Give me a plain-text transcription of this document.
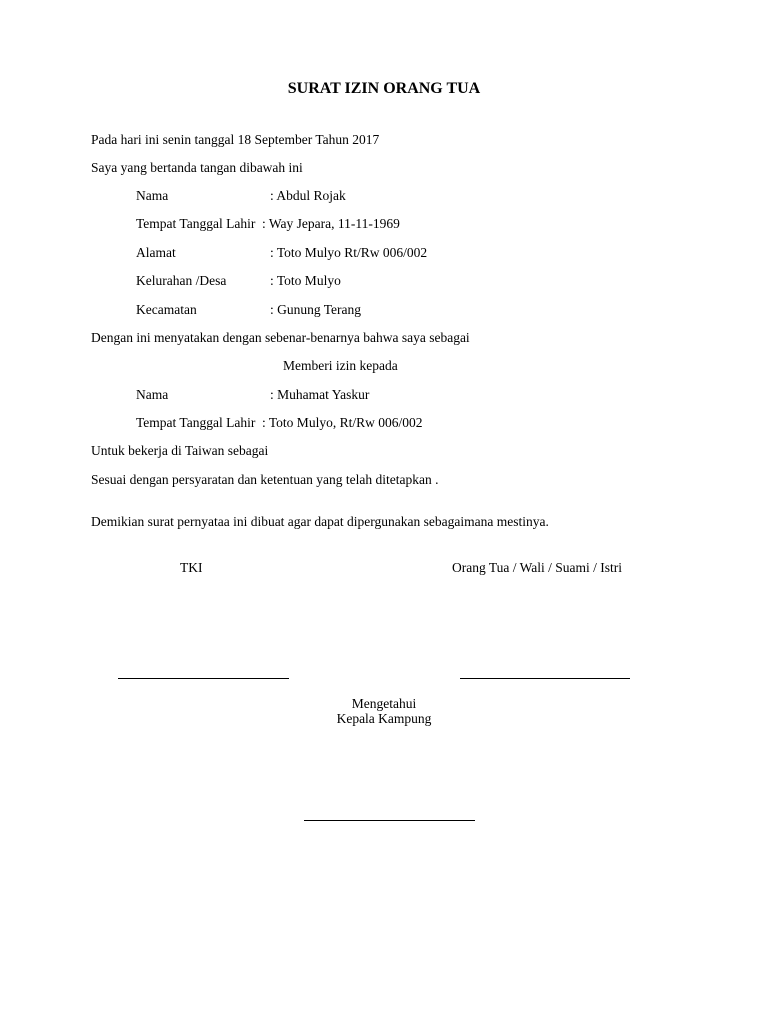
SURAT IZIN ORANG TUA
Pada hari ini senin tanggal 18 September Tahun 2017
Saya yang bertanda tangan dibawah ini
Nama	: Abdul Rojak
Tempat Tanggal Lahir : Way Jepara, 11-11-1969
Alamat	: Toto Mulyo Rt/Rw 006/002
Kelurahan /Desa	: Toto Mulyo
Kecamatan	: Gunung Terang
Dengan ini menyatakan dengan sebenar-benarnya bahwa saya sebagai
Memberi izin kepada
Nama	: Muhamat Yaskur
Tempat Tanggal Lahir : Toto Mulyo, Rt/Rw 006/002
Untuk bekerja di Taiwan sebagai
Sesuai dengan persyaratan dan ketentuan yang telah ditetapkan .
Demikian surat pernyataa ini dibuat agar dapat dipergunakan sebagaimana mestinya.
TKI	Orang Tua / Wali / Suami / Istri
Mengetahui
Kepala Kampung
